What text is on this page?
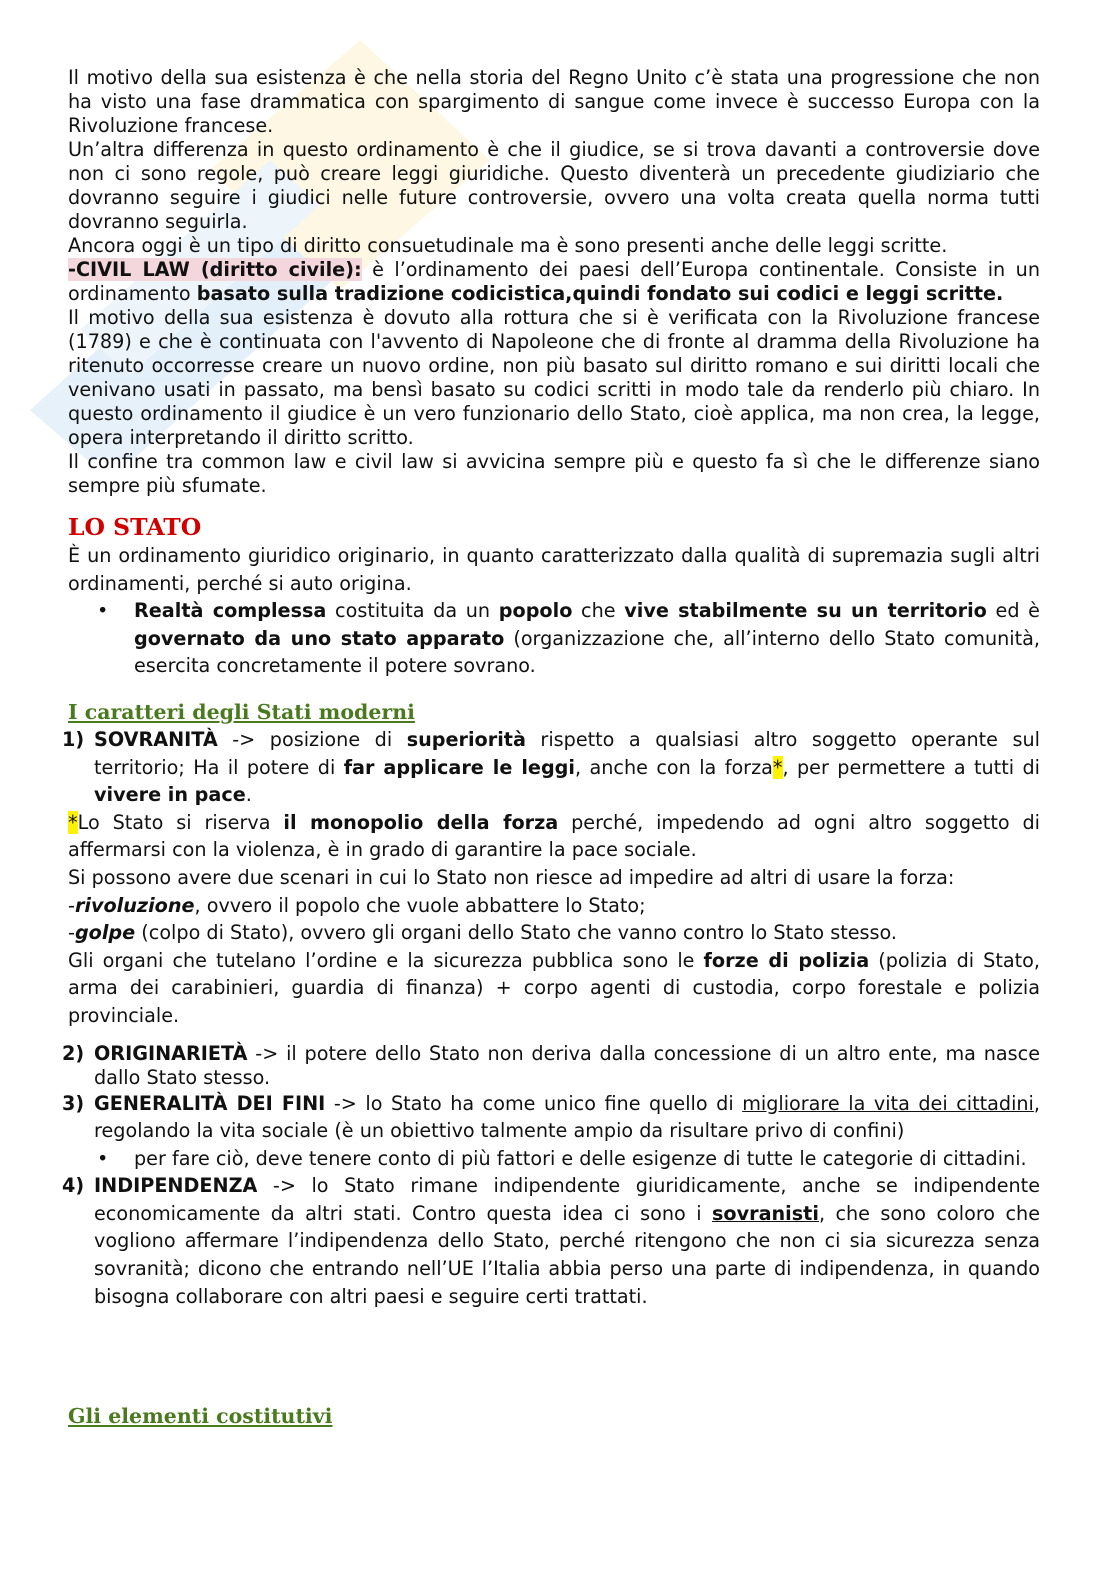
Il motivo della sua esistenza è che nella storia del Regno Unito c’è stata una progressione che non ha visto una fase drammatica con spargimento di sangue come invece è successo Europa con la Rivoluzione francese.

Un’altra differenza in questo ordinamento è che il giudice, se si trova davanti a controversie dove non ci sono regole, può creare leggi giuridiche. Questo diventerà un precedente giudiziario che dovranno seguire i giudici nelle future controversie, ovvero una volta creata quella norma tutti dovranno seguirla.

Ancora oggi è un tipo di diritto consuetudinale ma è sono presenti anche delle leggi scritte.

-CIVIL LAW (diritto civile): è l’ordinamento dei paesi dell’Europa continentale. Consiste in un ordinamento basato sulla tradizione codicistica,quindi fondato sui codici e leggi scritte.

Il motivo della sua esistenza è dovuto alla rottura che si è verificata con la Rivoluzione francese (1789) e che è continuata con l'avvento di Napoleone che di fronte al dramma della Rivoluzione ha ritenuto occorresse creare un nuovo ordine, non più basato sul diritto romano e sui diritti locali che venivano usati in passato, ma bensì basato su codici scritti in modo tale da renderlo più chiaro. In questo ordinamento il giudice è un vero funzionario dello Stato, cioè applica, ma non crea, la legge, opera interpretando il diritto scritto.

Il confine tra common law e civil law si avvicina sempre più e questo fa sì che le differenze siano sempre più sfumate.

LO STATO

È un ordinamento giuridico originario, in quanto caratterizzato dalla qualità di supremazia sugli altri ordinamenti, perché si auto origina.

• Realtà complessa costituita da un popolo che vive stabilmente su un territorio ed è governato da uno stato apparato (organizzazione che, all’interno dello Stato comunità, esercita concretamente il potere sovrano.
I caratteri degli Stati moderni
1) SOVRANITÀ -> posizione di superiorità rispetto a qualsiasi altro soggetto operante sul territorio; Ha il potere di far applicare le leggi, anche con la forza*, per permettere a tutti di vivere in pace.

*Lo Stato si riserva il monopolio della forza perché, impedendo ad ogni altro soggetto di affermarsi con la violenza, è in grado di garantire la pace sociale.

Si possono avere due scenari in cui lo Stato non riesce ad impedire ad altri di usare la forza:

-rivoluzione, ovvero il popolo che vuole abbattere lo Stato;

-golpe (colpo di Stato), ovvero gli organi dello Stato che vanno contro lo Stato stesso.

Gli organi che tutelano l’ordine e la sicurezza pubblica sono le forze di polizia (polizia di Stato, arma dei carabinieri, guardia di finanza) + corpo agenti di custodia, corpo forestale e polizia provinciale.

2) ORIGINARIETÀ -> il potere dello Stato non deriva dalla concessione di un altro ente, ma nasce dallo Stato stesso.
3) GENERALITÀ DEI FINI -> lo Stato ha come unico fine quello di migliorare la vita dei cittadini, regolando la vita sociale (è un obiettivo talmente ampio da risultare privo di confini)
• per fare ciò, deve tenere conto di più fattori e delle esigenze di tutte le categorie di cittadini.
4) INDIPENDENZA -> lo Stato rimane indipendente giuridicamente, anche se indipendente economicamente da altri stati. Contro questa idea ci sono i sovranisti, che sono coloro che vogliono affermare l’indipendenza dello Stato, perché ritengono che non ci sia sicurezza senza sovranità; dicono che entrando nell’UE l’Italia abbia perso una parte di indipendenza, in quando bisogna collaborare con altri paesi e seguire certi trattati.
Gli elementi costitutivi
